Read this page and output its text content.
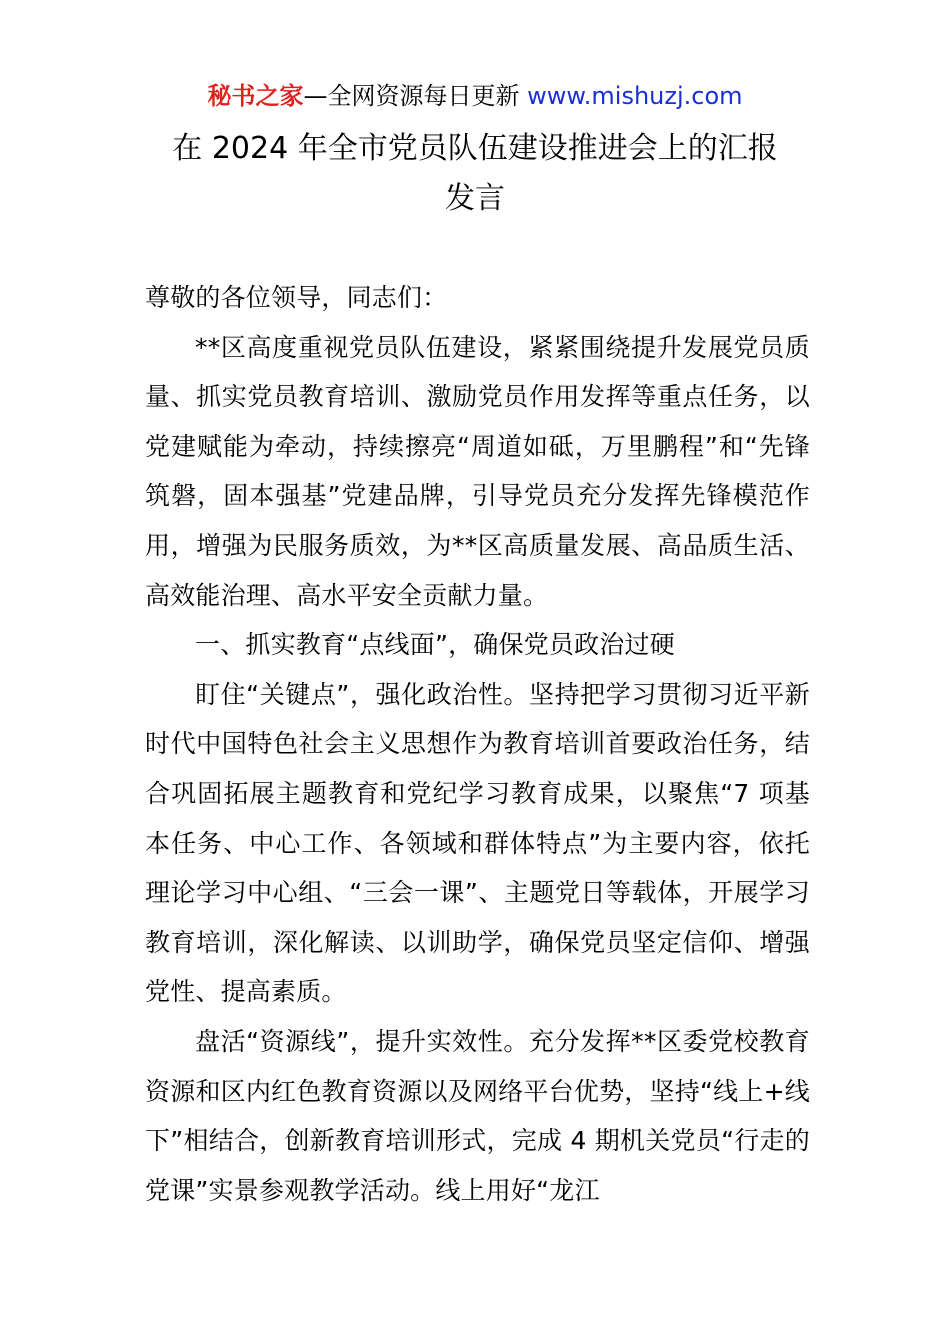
秘书之家—全网资源每日更新 www.mishuzj.com
在 2024 年全市党员队伍建设推进会上的汇报
发言

尊敬的各位领导，同志们：

**区高度重视党员队伍建设，紧紧围绕提升发展党员质量、抓实党员教育培训、激励党员作用发挥等重点任务，以党建赋能为牵动，持续擦亮“周道如砥，万里鹏程”和“先锋筑磐，固本强基”党建品牌，引导党员充分发挥先锋模范作用，增强为民服务质效，为**区高质量发展、高品质生活、高效能治理、高水平安全贡献力量。

一、抓实教育“点线面”，确保党员政治过硬

盯住“关键点”，强化政治性。坚持把学习贯彻习近平新时代中国特色社会主义思想作为教育培训首要政治任务，结合巩固拓展主题教育和党纪学习教育成果，以聚焦“7 项基本任务、中心工作、各领域和群体特点”为主要内容，依托理论学习中心组、“三会一课”、主题党日等载体，开展学习教育培训，深化解读、以训助学，确保党员坚定信仰、增强党性、提高素质。

盘活“资源线”，提升实效性。充分发挥**区委党校教育资源和区内红色教育资源以及网络平台优势，坚持“线上+线下”相结合，创新教育培训形式，完成 4 期机关党员“行走的党课”实景参观教学活动。线上用好“龙江
